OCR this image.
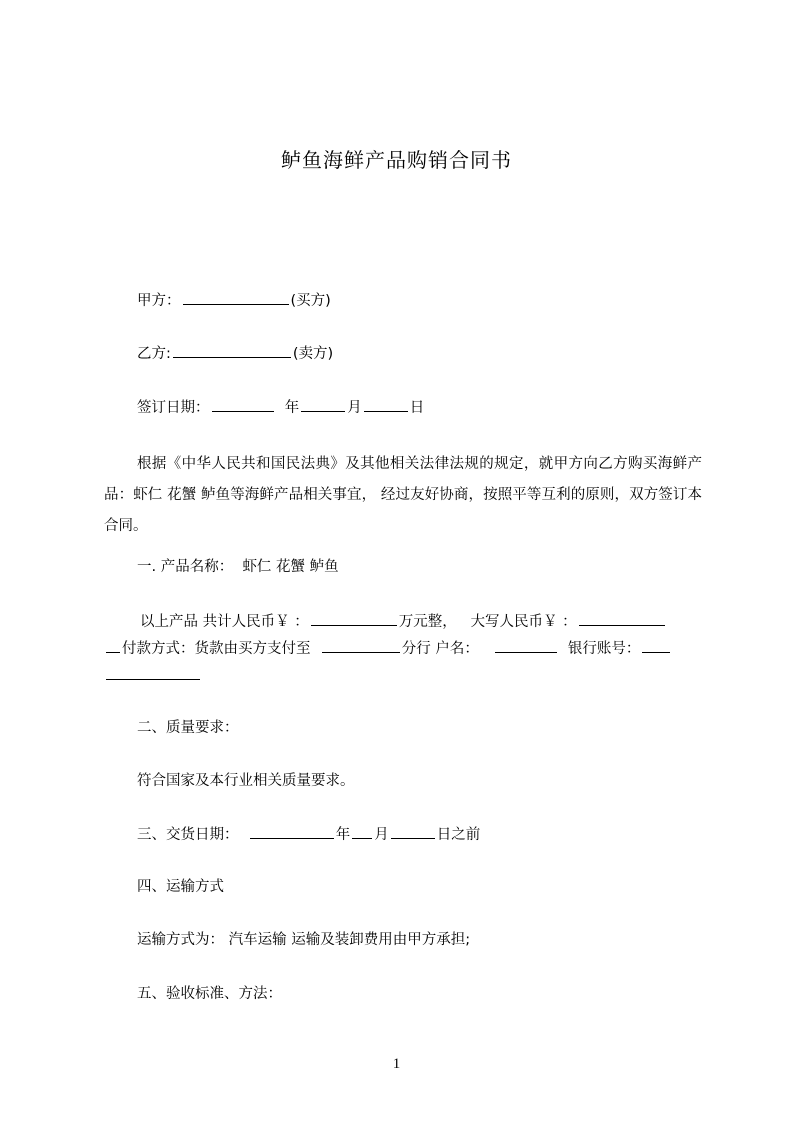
鲈鱼海鲜产品购销合同书
甲方：	(买方)
乙方:	(卖方)
签订日期：	年	月	日
根据《中华人民共和国民法典》及其他相关法律法规的规定，就甲方向乙方购买海鲜产品：虾仁 花蟹 鲈鱼等海鲜产品相关事宜， 经过友好协商，按照平等互利的原则，双方签订本合同。
一. 产品名称： 虾仁 花蟹 鲈鱼
以上产品 共计人民币￥ ：	万元整， 大写人民币￥ ：
付款方式：货款由买方支付至	分行 户名：	银行账号：
二、质量要求：
符合国家及本行业相关质量要求。
三、交货日期：	年 月	日之前
四、运输方式
运输方式为： 汽车运输 运输及装卸费用由甲方承担;
五、验收标准、方法：
1
